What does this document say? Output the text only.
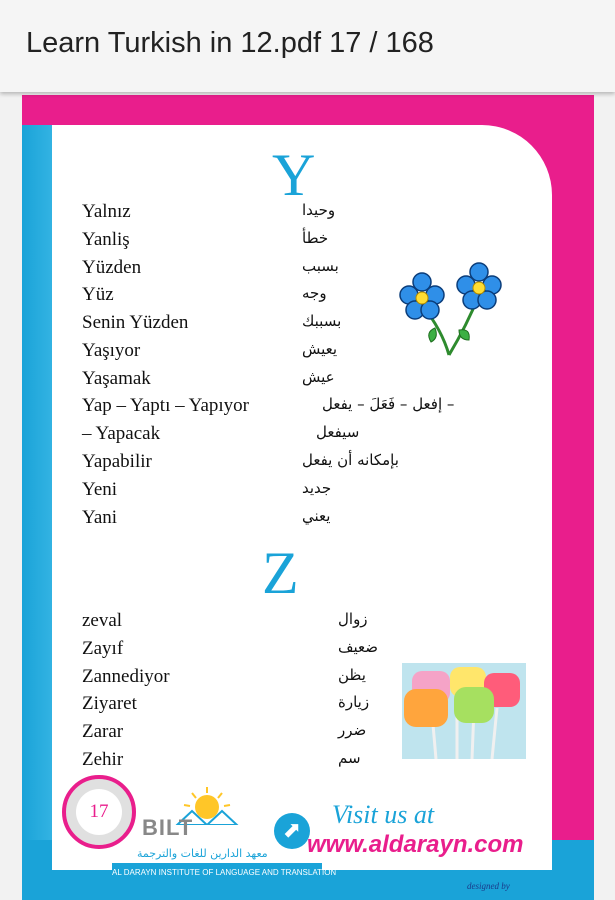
Learn Turkish in 12.pdf 17 / 168
Y
Yalnız	وحيدا
Yanliş	خطأ
Yüzden	بسبب
Yüz	وجه
Senin Yüzden	بسببك
Yaşıyor	يعيش
Yaşamak	عيش
Yap – Yaptı – Yapıyor	– إفعل – فَعَلَ – يفعل
– Yapacak	سيفعل
Yapabilir	بإمكانه أن يفعل
Yeni	جديد
Yani	يعني
Z
zeval	زوال
Zayıf	ضعيف
Zannediyor	يظن
Ziyaret	زيارة
Zarar	ضرر
Zehir	سم
17
BILT
معهد الدارين للغات والترجمة
AL DARAYN INSTITUTE OF LANGUAGE AND TRANSLATION
⬈
Visit us at
www.aldarayn.com
designed by
